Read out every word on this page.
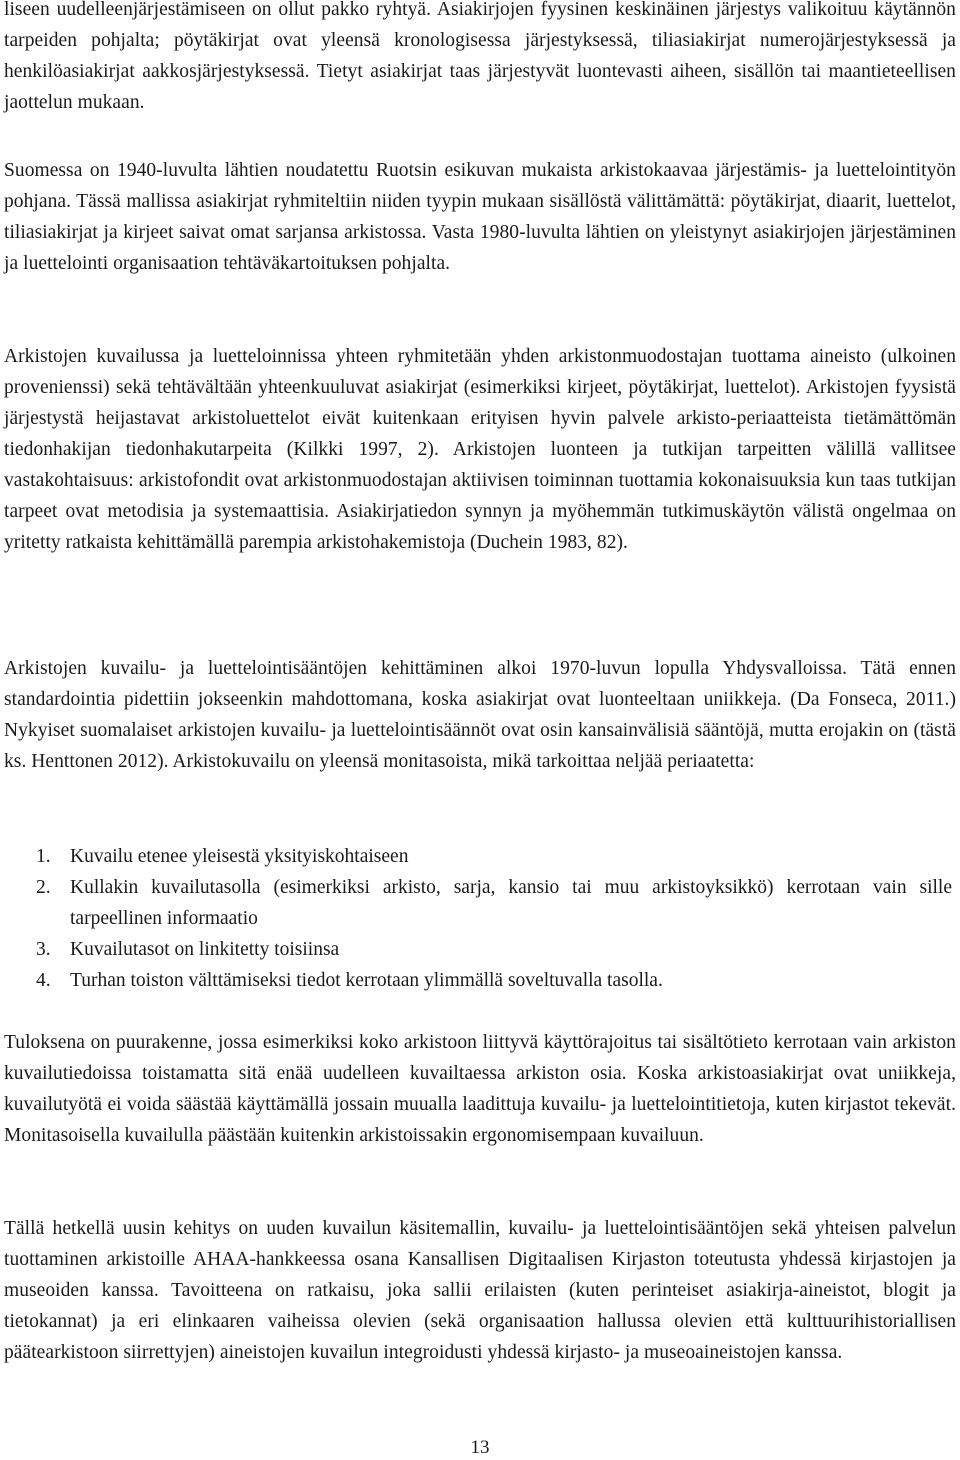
liseen uudelleenjärjestämiseen on ollut pakko ryhtyä. Asiakirjojen fyysinen keskinäinen järjestys valikoituu käytännön tarpeiden pohjalta; pöytäkirjat ovat yleensä kronologisessa järjestyksessä, tiliasiakirjat numerojärjestyksessä ja henkilöasiakirjat aakkosjärjestyksessä. Tietyt asiakirjat taas järjestyvät luontevasti aiheen, sisällön tai maantieteellisen jaottelun mukaan.

Suomessa on 1940-luvulta lähtien noudatettu Ruotsin esikuvan mukaista arkistokaavaa järjestämis- ja luettelointityön pohjana. Tässä mallissa asiakirjat ryhmiteltiin niiden tyypin mukaan sisällöstä välittämättä: pöytäkirjat, diaarit, luettelot, tiliasiakirjat ja kirjeet saivat omat sarjansa arkistossa. Vasta 1980-luvulta lähtien on yleistynyt asiakirjojen järjestäminen ja luettelointi organisaation tehtäväkartoituksen pohjalta.

Arkistojen kuvailussa ja luetteloinnissa yhteen ryhmitetään yhden arkistonmuodostajan tuottama aineisto (ulkoinen provenienssi) sekä tehtävältään yhteenkuuluvat asiakirjat (esimerkiksi kirjeet, pöytäkirjat, luettelot). Arkistojen fyysistä järjestystä heijastavat arkistoluettelot eivät kuitenkaan erityisen hyvin palvele arkisto-periaatteista tietämättömän tiedonhakijan tiedonhakutarpeita (Kilkki 1997, 2). Arkistojen luonteen ja tutkijan tarpeitten välillä vallitsee vastakohtaisuus: arkistofondit ovat arkistonmuodostajan aktiivisen toiminnan tuottamia kokonaisuuksia kun taas tutkijan tarpeet ovat metodisia ja systemaattisia. Asiakirjatiedon synnyn ja myöhemmän tutkimuskäytön välistä ongelmaa on yritetty ratkaista kehittämällä parempia arkistohakemistoja (Duchein 1983, 82).

Arkistojen kuvailu- ja luettelointisääntöjen kehittäminen alkoi 1970-luvun lopulla Yhdysvalloissa. Tätä ennen standardointia pidettiin jokseenkin mahdottomana, koska asiakirjat ovat luonteeltaan uniikkeja. (Da Fonseca, 2011.) Nykyiset suomalaiset arkistojen kuvailu- ja luettelointisäännöt ovat osin kansainvälisiä sääntöjä, mutta erojakin on (tästä ks. Henttonen 2012). Arkistokuvailu on yleensä monitasoista, mikä tarkoittaa neljää periaatetta:

1. Kuvailu etenee yleisestä yksityiskohtaiseen
2. Kullakin kuvailutasolla (esimerkiksi arkisto, sarja, kansio tai muu arkistoyksikkö) kerrotaan vain sille tarpeellinen informaatio
3. Kuvailutasot on linkitetty toisiinsa
4. Turhan toiston välttämiseksi tiedot kerrotaan ylimmällä soveltuvalla tasolla.

Tuloksena on puurakenne, jossa esimerkiksi koko arkistoon liittyvä käyttörajoitus tai sisältötieto kerrotaan vain arkiston kuvailutiedoissa toistamatta sitä enää uudelleen kuvailtaessa arkiston osia. Koska arkistoasiakirjat ovat uniikkeja, kuvailutyötä ei voida säästää käyttämällä jossain muualla laadittuja kuvailu- ja luettelointitietoja, kuten kirjastot tekevät. Monitasoisella kuvailulla päästään kuitenkin arkistoissakin ergonomisempaan kuvailuun.

Tällä hetkellä uusin kehitys on uuden kuvailun käsitemallin, kuvailu- ja luettelointisääntöjen sekä yhteisen palvelun tuottaminen arkistoille AHAA-hankkeessa osana Kansallisen Digitaalisen Kirjaston toteutusta yhdessä kirjastojen ja museoiden kanssa. Tavoitteena on ratkaisu, joka sallii erilaisten (kuten perinteiset asiakirja-aineistot, blogit ja tietokannat) ja eri elinkaaren vaiheissa olevien (sekä organisaation hallussa olevien että kulttuurihistoriallisen päätearkistoon siirrettyjen) aineistojen kuvailun integroidusti yhdessä kirjasto- ja museoaineistojen kanssa.

13
